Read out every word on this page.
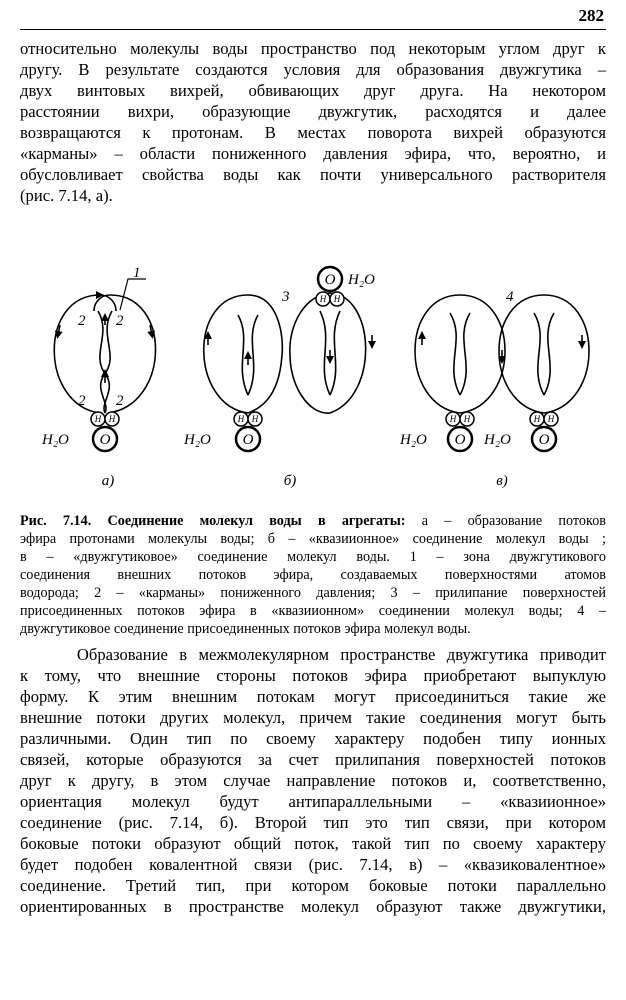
282
относительно молекулы воды пространство под некоторым углом друг к
другу. В результате создаются условия для образования двужгутика –
двух винтовых вихрей, обвивающих друг друга. На некотором
расстоянии вихри, образующие двужгутик, расходятся и далее
возвращаются к протонам. В местах поворота вихрей образуются
«карманы» – области пониженного давления эфира, что, вероятно, и
обусловливает свойства воды как почти универсального растворителя
(рис. 7.14, а).
H H	H H
H H
H H	H H
O	O
O
O	O
H₂O	H₂O
H₂O
H₂O	H₂O
1
2 2
2 2
3	4
а)	б)	в)
Рис. 7.14. Соединение молекул воды в агрегаты: а – образование потоков
эфира протонами молекулы воды; б – «квазиионное» соединение молекул воды ;
в – «двужгутиковое» соединение молекул воды. 1 – зона двужгутикового
соединения внешних потоков эфира, создаваемых поверхностями атомов
водорода; 2 – «карманы» пониженного давления; 3 – прилипание поверхностей
присоединенных потоков эфира в «квазиионном» соединении молекул воды; 4 –
двужгутиковое соединение присоединенных потоков эфира молекул воды.
Образование в межмолекулярном пространстве двужгутика приводит
к тому, что внешние стороны потоков эфира приобретают выпуклую
форму. К этим внешним потокам могут присоединиться такие же
внешние потоки других молекул, причем такие соединения могут быть
различными. Один тип по своему характеру подобен типу ионных
связей, которые образуются за счет прилипания поверхностей потоков
друг к другу, в этом случае направление потоков и, соответственно,
ориентация молекул будут антипараллельными – «квазиионное»
соединение (рис. 7.14, б). Второй тип это тип связи, при котором
боковые потоки образуют общий поток, такой тип по своему характеру
будет подобен ковалентной связи (рис. 7.14, в) – «квазиковалентное»
соединение. Третий тип, при котором боковые потоки параллельно
ориентированных в пространстве молекул образуют также двужгутики,
